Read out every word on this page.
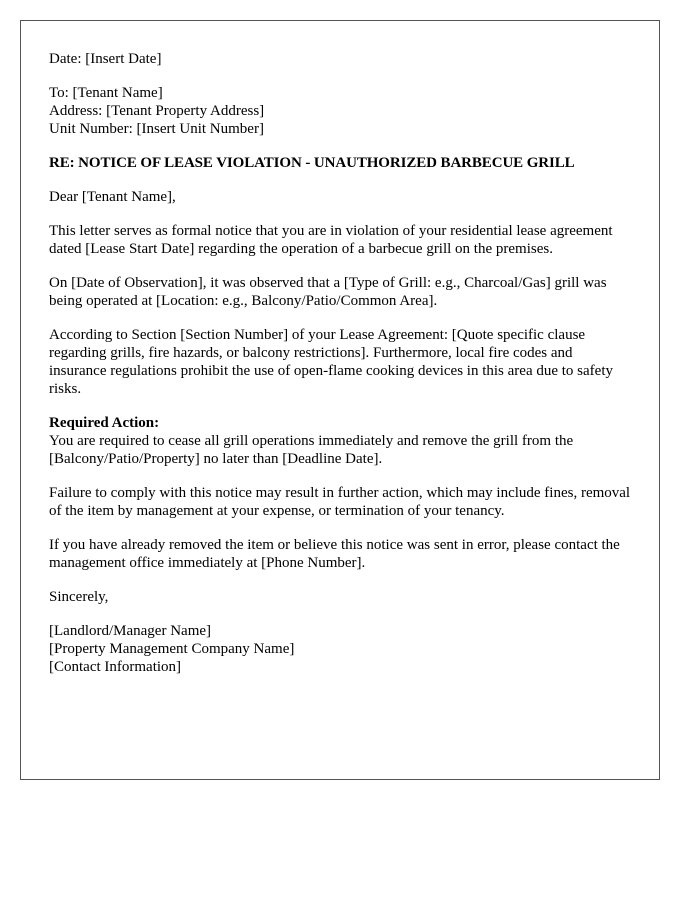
Date: [Insert Date]

To: [Tenant Name]
Address: [Tenant Property Address]
Unit Number: [Insert Unit Number]

RE: NOTICE OF LEASE VIOLATION - UNAUTHORIZED BARBECUE GRILL

Dear [Tenant Name],

This letter serves as formal notice that you are in violation of your residential lease agreement dated [Lease Start Date] regarding the operation of a barbecue grill on the premises.

On [Date of Observation], it was observed that a [Type of Grill: e.g., Charcoal/Gas] grill was being operated at [Location: e.g., Balcony/Patio/Common Area].

According to Section [Section Number] of your Lease Agreement: [Quote specific clause regarding grills, fire hazards, or balcony restrictions]. Furthermore, local fire codes and insurance regulations prohibit the use of open-flame cooking devices in this area due to safety risks.

Required Action:
You are required to cease all grill operations immediately and remove the grill from the [Balcony/Patio/Property] no later than [Deadline Date].

Failure to comply with this notice may result in further action, which may include fines, removal of the item by management at your expense, or termination of your tenancy.

If you have already removed the item or believe this notice was sent in error, please contact the management office immediately at [Phone Number].

Sincerely,

[Landlord/Manager Name]
[Property Management Company Name]
[Contact Information]
